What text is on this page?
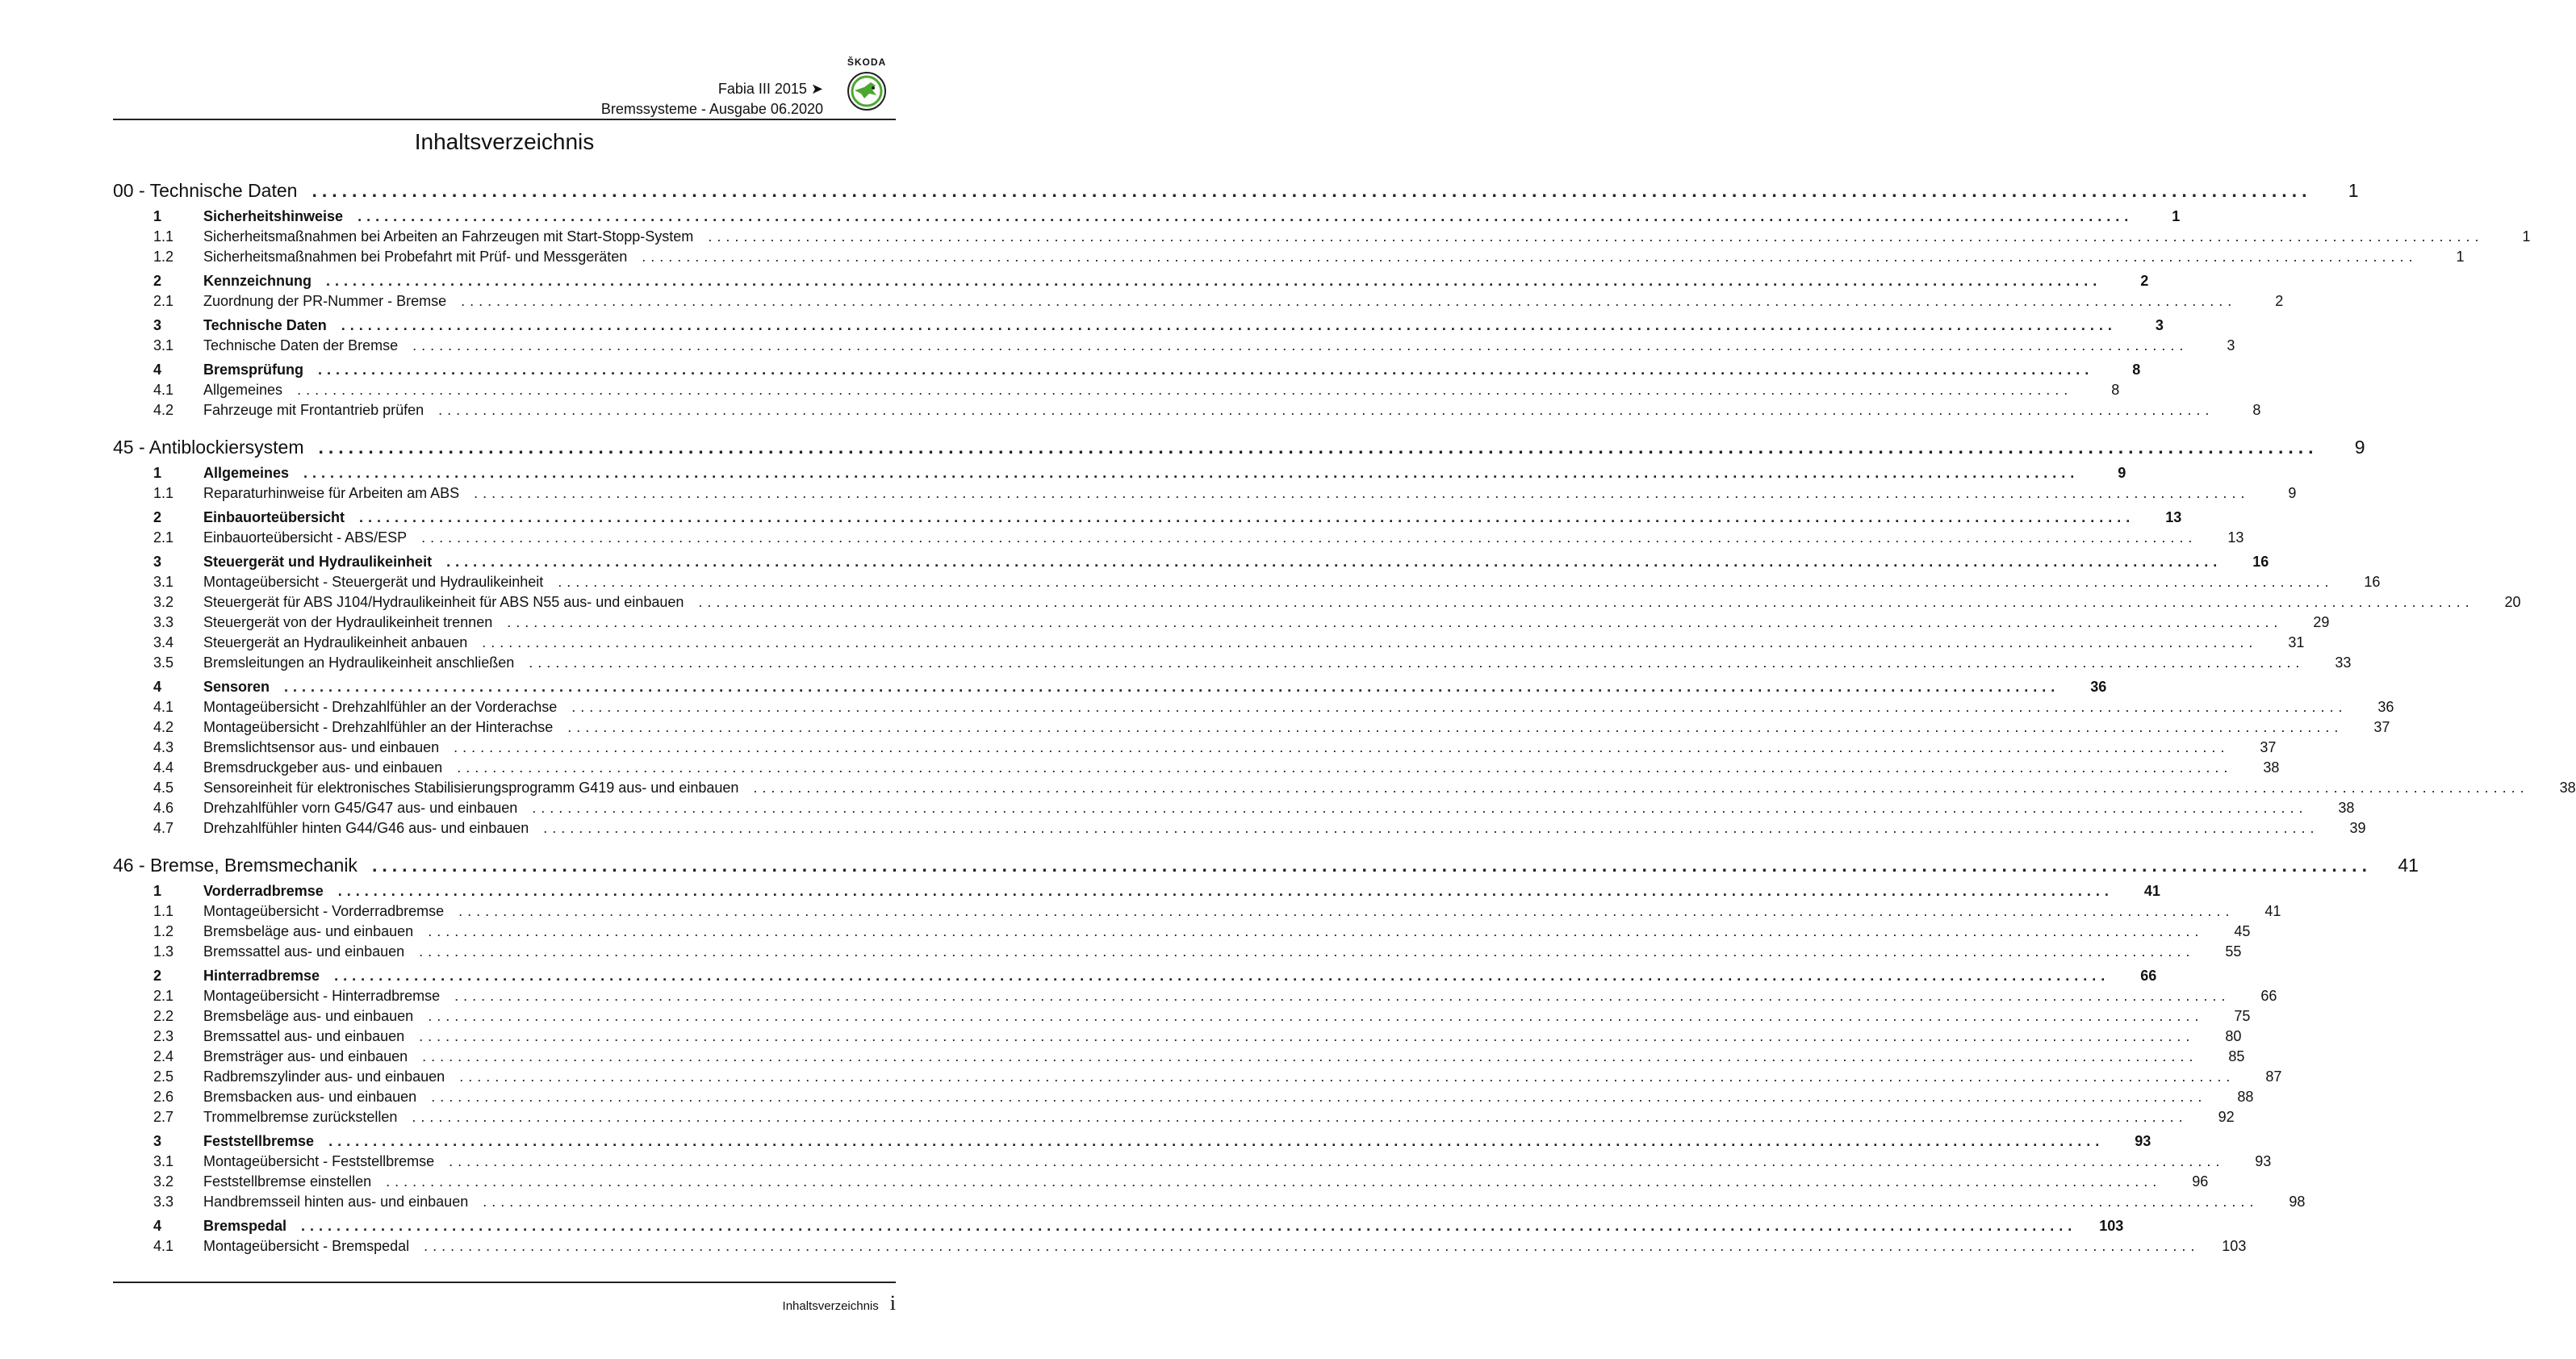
Fabia III 2015 ➤
Bremssysteme - Ausgabe 06.2020
ŠKODA
Inhaltsverzeichnis
00 - Technische Daten ........................................................................................................................................................................................................	1
1	Sicherheitshinweise ........................................................................................................................................................................................................	1
1.1	Sicherheitsmaßnahmen bei Arbeiten an Fahrzeugen mit Start-Stopp-System ........................................................................................................................................................................................................	1
1.2	Sicherheitsmaßnahmen bei Probefahrt mit Prüf- und Messgeräten ........................................................................................................................................................................................................	1
2	Kennzeichnung ........................................................................................................................................................................................................	2
2.1	Zuordnung der PR-Nummer - Bremse ........................................................................................................................................................................................................	2
3	Technische Daten ........................................................................................................................................................................................................	3
3.1	Technische Daten der Bremse ........................................................................................................................................................................................................	3
4	Bremsprüfung ........................................................................................................................................................................................................	8
4.1	Allgemeines ........................................................................................................................................................................................................	8
4.2	Fahrzeuge mit Frontantrieb prüfen ........................................................................................................................................................................................................	8
45 - Antiblockiersystem ........................................................................................................................................................................................................	9
1	Allgemeines ........................................................................................................................................................................................................	9
1.1	Reparaturhinweise für Arbeiten am ABS ........................................................................................................................................................................................................	9
2	Einbauorteübersicht ........................................................................................................................................................................................................	13
2.1	Einbauorteübersicht - ABS/ESP ........................................................................................................................................................................................................	13
3	Steuergerät und Hydraulikeinheit ........................................................................................................................................................................................................	16
3.1	Montageübersicht - Steuergerät und Hydraulikeinheit ........................................................................................................................................................................................................	16
3.2	Steuergerät für ABS J104/Hydraulikeinheit für ABS N55 aus- und einbauen ........................................................................................................................................................................................................	20
3.3	Steuergerät von der Hydraulikeinheit trennen ........................................................................................................................................................................................................	29
3.4	Steuergerät an Hydraulikeinheit anbauen ........................................................................................................................................................................................................	31
3.5	Bremsleitungen an Hydraulikeinheit anschließen ........................................................................................................................................................................................................	33
4	Sensoren ........................................................................................................................................................................................................	36
4.1	Montageübersicht - Drehzahlfühler an der Vorderachse ........................................................................................................................................................................................................	36
4.2	Montageübersicht - Drehzahlfühler an der Hinterachse ........................................................................................................................................................................................................	37
4.3	Bremslichtsensor aus- und einbauen ........................................................................................................................................................................................................	37
4.4	Bremsdruckgeber aus- und einbauen ........................................................................................................................................................................................................	38
4.5	Sensoreinheit für elektronisches Stabilisierungsprogramm G419 aus- und einbauen ........................................................................................................................................................................................................	38
4.6	Drehzahlfühler vorn G45/G47 aus- und einbauen ........................................................................................................................................................................................................	38
4.7	Drehzahlfühler hinten G44/G46 aus- und einbauen ........................................................................................................................................................................................................	39
46 - Bremse, Bremsmechanik ........................................................................................................................................................................................................	41
1	Vorderradbremse ........................................................................................................................................................................................................	41
1.1	Montageübersicht - Vorderradbremse ........................................................................................................................................................................................................	41
1.2	Bremsbeläge aus- und einbauen ........................................................................................................................................................................................................	45
1.3	Bremssattel aus- und einbauen ........................................................................................................................................................................................................	55
2	Hinterradbremse ........................................................................................................................................................................................................	66
2.1	Montageübersicht - Hinterradbremse ........................................................................................................................................................................................................	66
2.2	Bremsbeläge aus- und einbauen ........................................................................................................................................................................................................	75
2.3	Bremssattel aus- und einbauen ........................................................................................................................................................................................................	80
2.4	Bremsträger aus- und einbauen ........................................................................................................................................................................................................	85
2.5	Radbremszylinder aus- und einbauen ........................................................................................................................................................................................................	87
2.6	Bremsbacken aus- und einbauen ........................................................................................................................................................................................................	88
2.7	Trommelbremse zurückstellen ........................................................................................................................................................................................................	92
3	Feststellbremse ........................................................................................................................................................................................................	93
3.1	Montageübersicht - Feststellbremse ........................................................................................................................................................................................................	93
3.2	Feststellbremse einstellen ........................................................................................................................................................................................................	96
3.3	Handbremsseil hinten aus- und einbauen ........................................................................................................................................................................................................	98
4	Bremspedal ........................................................................................................................................................................................................	103
4.1	Montageübersicht - Bremspedal ........................................................................................................................................................................................................	103
Inhaltsverzeichnis i
